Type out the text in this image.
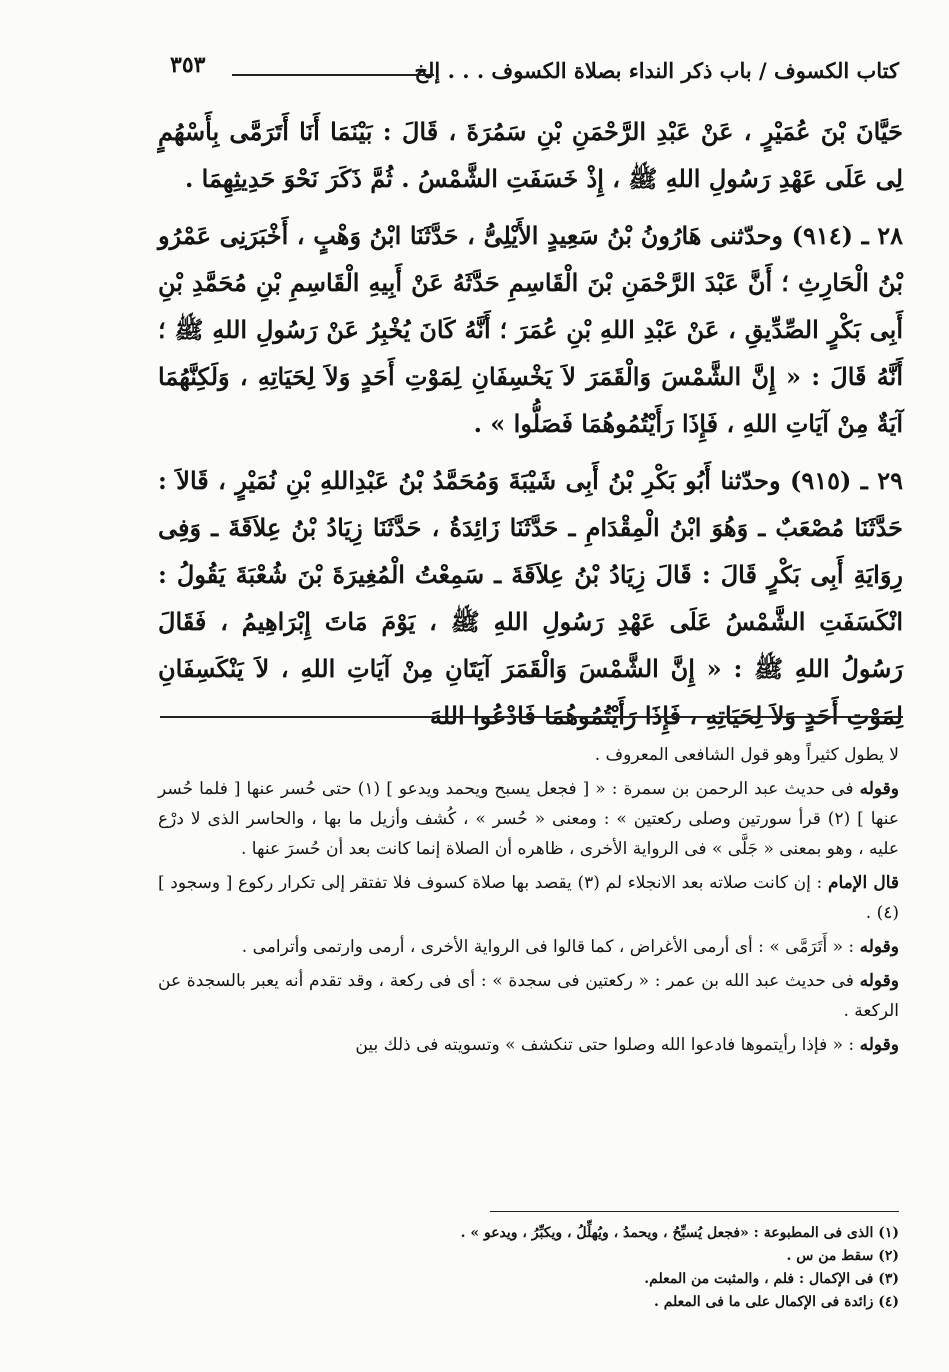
كتاب الكسوف / باب ذكر النداء بصلاة الكسوف . . . إلخ
٣٥٣

حَيَّانَ بْنَ عُمَيْرٍ ، عَنْ عَبْدِ الرَّحْمَنِ بْنِ سَمُرَةَ ، قَالَ : بَيْنَمَا أَنَا أَتَرَمَّى بِأَسْهُمٍ لِى عَلَى عَهْدِ رَسُولِ اللهِ ﷺ ، إِذْ خَسَفَتِ الشَّمْسُ . ثُمَّ ذَكَرَ نَحْوَ حَدِيثِهِمَا .

٢٨ ـ (٩١٤) وحدّثنى هَارُونُ بْنُ سَعِيدٍ الأَيْلِىُّ ، حَدَّثَنَا ابْنُ وَهْبٍ ، أَخْبَرَنِى عَمْرُو بْنُ الْحَارِثِ ؛ أَنَّ عَبْدَ الرَّحْمَنِ بْنَ الْقَاسِمِ حَدَّثَهُ عَنْ أَبِيهِ الْقَاسِمِ بْنِ مُحَمَّدِ بْنِ أَبِى بَكْرٍ الصِّدِّيقِ ، عَنْ عَبْدِ اللهِ بْنِ عُمَرَ ؛ أَنَّهُ كَانَ يُخْبِرُ عَنْ رَسُولِ اللهِ ﷺ ؛ أَنَّهُ قَالَ : « إِنَّ الشَّمْسَ وَالْقَمَرَ لاَ يَخْسِفَانِ لِمَوْتِ أَحَدٍ وَلاَ لِحَيَاتِهِ ، وَلَكِنَّهُمَا آيَةٌ مِنْ آيَاتِ اللهِ ، فَإِذَا رَأَيْتُمُوهُمَا فَصَلُّوا » .

٢٩ ـ (٩١٥) وحدّثنا أَبُو بَكْرِ بْنُ أَبِى شَيْبَةَ وَمُحَمَّدُ بْنُ عَبْدِاللهِ بْنِ نُمَيْرٍ ، قَالاَ : حَدَّثَنَا مُصْعَبٌ ـ وَهُوَ ابْنُ الْمِقْدَامِ ـ حَدَّثَنَا زَائِدَةُ ، حَدَّثَنَا زِيَادُ بْنُ عِلاَقَةَ ـ وَفِى رِوَايَةِ أَبِى بَكْرٍ قَالَ : قَالَ زِيَادُ بْنُ عِلاَقَةَ ـ سَمِعْتُ الْمُغِيرَةَ بْنَ شُعْبَةَ يَقُولُ : انْكَسَفَتِ الشَّمْسُ عَلَى عَهْدِ رَسُولِ اللهِ ﷺ ، يَوْمَ مَاتَ إِبْرَاهِيمُ ، فَقَالَ رَسُولُ اللهِ ﷺ : « إِنَّ الشَّمْسَ وَالْقَمَرَ آيَتَانِ مِنْ آيَاتِ اللهِ ، لاَ يَنْكَسِفَانِ لِمَوْتِ أَحَدٍ وَلاَ لِحَيَاتِهِ ، فَإِذَا رَأَيْتُمُوهُمَا فَادْعُوا اللهَ

لا يطول كثيراً وهو قول الشافعى المعروف .

وقوله فى حديث عبد الرحمن بن سمرة : « [ فجعل يسبح ويحمد ويدعو ] (١) حتى حُسر عنها [ فلما حُسر عنها ] (٢) قرأ سورتين وصلى ركعتين » : ومعنى « حُسر » ، كُشف وأزيل ما بها ، والحاسر الذى لا درْع عليه ، وهو بمعنى « جَلَّى » فى الرواية الأخرى ، ظاهره أن الصلاة إنما كانت بعد أن حُسرَ عنها .

قال الإمام : إن كانت صلاته بعد الانجلاء لم (٣) يقصد بها صلاة كسوف فلا تفتقر إلى تكرار ركوع [ وسجود ] (٤) .

وقوله : « أَتَرَمَّى » : أى أرمى الأغراض ، كما قالوا فى الرواية الأخرى ، أرمى وارتمى وأترامى .

وقوله فى حديث عبد الله بن عمر : « ركعتين فى سجدة » : أى فى ركعة ، وقد تقدم أنه يعبر بالسجدة عن الركعة .

وقوله : « فإذا رأيتموها فادعوا الله وصلوا حتى تنكشف » وتسويته فى ذلك بين

(١) الذى فى المطبوعة : «فجعل يُسبِّحُ ، ويحمدُ ، ويُهلِّلُ ، ويكبِّرُ ، ويدعو » .

(٢) سقط من س .

(٣) فى الإكمال : فلم ، والمثبت من المعلم.

(٤) زائدة فى الإكمال على ما فى المعلم .
